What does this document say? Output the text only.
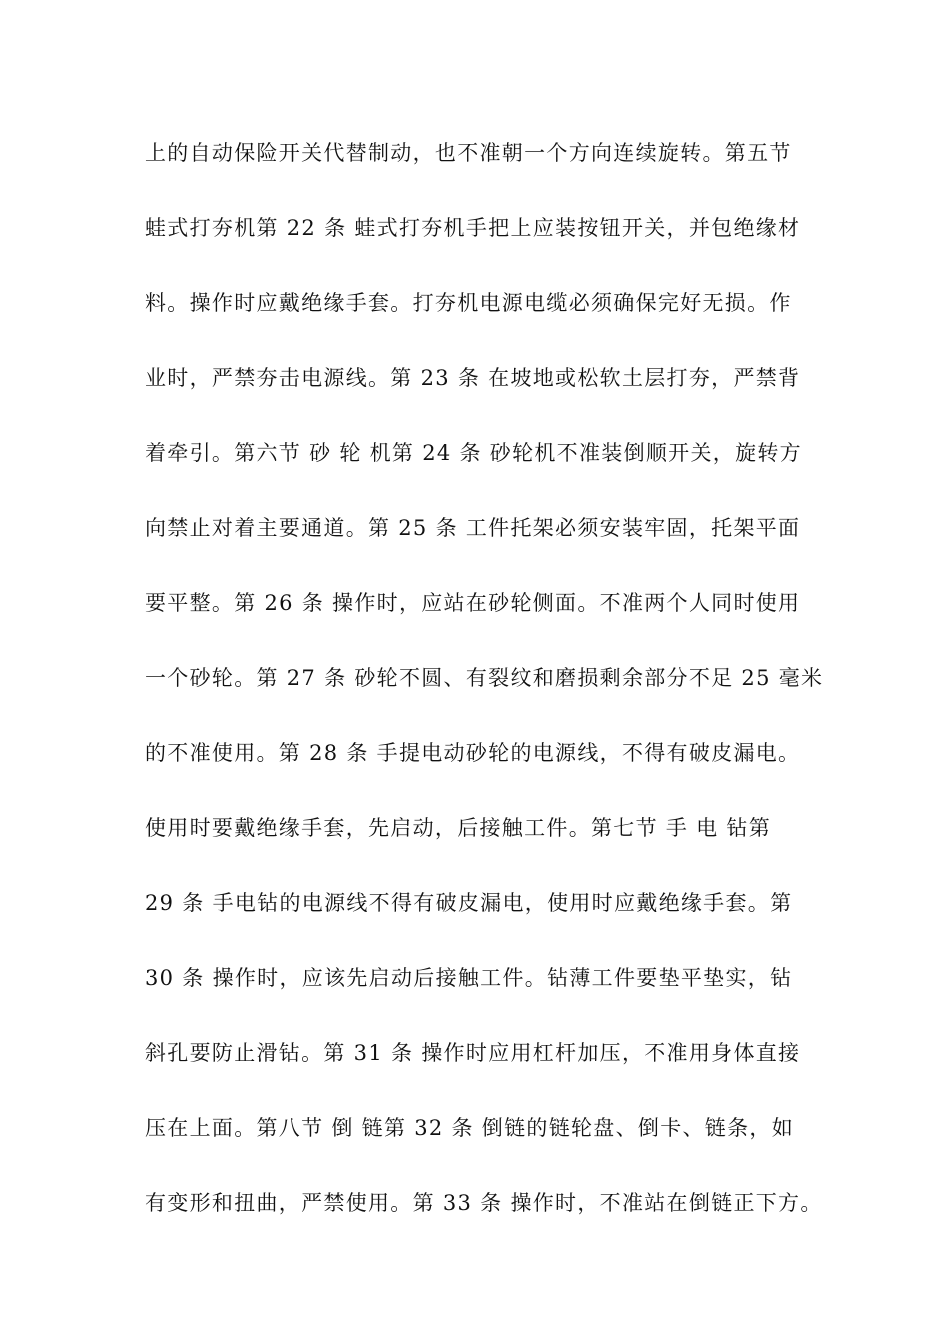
上的自动保险开关代替制动，也不准朝一个方向连续旋转。第五节
蛙式打夯机第 22 条 蛙式打夯机手把上应装按钮开关，并包绝缘材
料。操作时应戴绝缘手套。打夯机电源电缆必须确保完好无损。作
业时，严禁夯击电源线。第 23 条 在坡地或松软土层打夯，严禁背
着牵引。第六节 砂 轮 机第 24 条 砂轮机不准装倒顺开关，旋转方
向禁止对着主要通道。第 25 条 工件托架必须安装牢固，托架平面
要平整。第 26 条 操作时，应站在砂轮侧面。不准两个人同时使用
一个砂轮。第 27 条 砂轮不圆、有裂纹和磨损剩余部分不足 25 毫米
的不准使用。第 28 条 手提电动砂轮的电源线，不得有破皮漏电。
使用时要戴绝缘手套，先启动，后接触工件。第七节 手 电 钻第
29 条 手电钻的电源线不得有破皮漏电，使用时应戴绝缘手套。第
30 条 操作时，应该先启动后接触工件。钻薄工件要垫平垫实，钻
斜孔要防止滑钻。第 31 条 操作时应用杠杆加压，不准用身体直接
压在上面。第八节 倒 链第 32 条 倒链的链轮盘、倒卡、链条，如
有变形和扭曲，严禁使用。第 33 条 操作时，不准站在倒链正下方。
